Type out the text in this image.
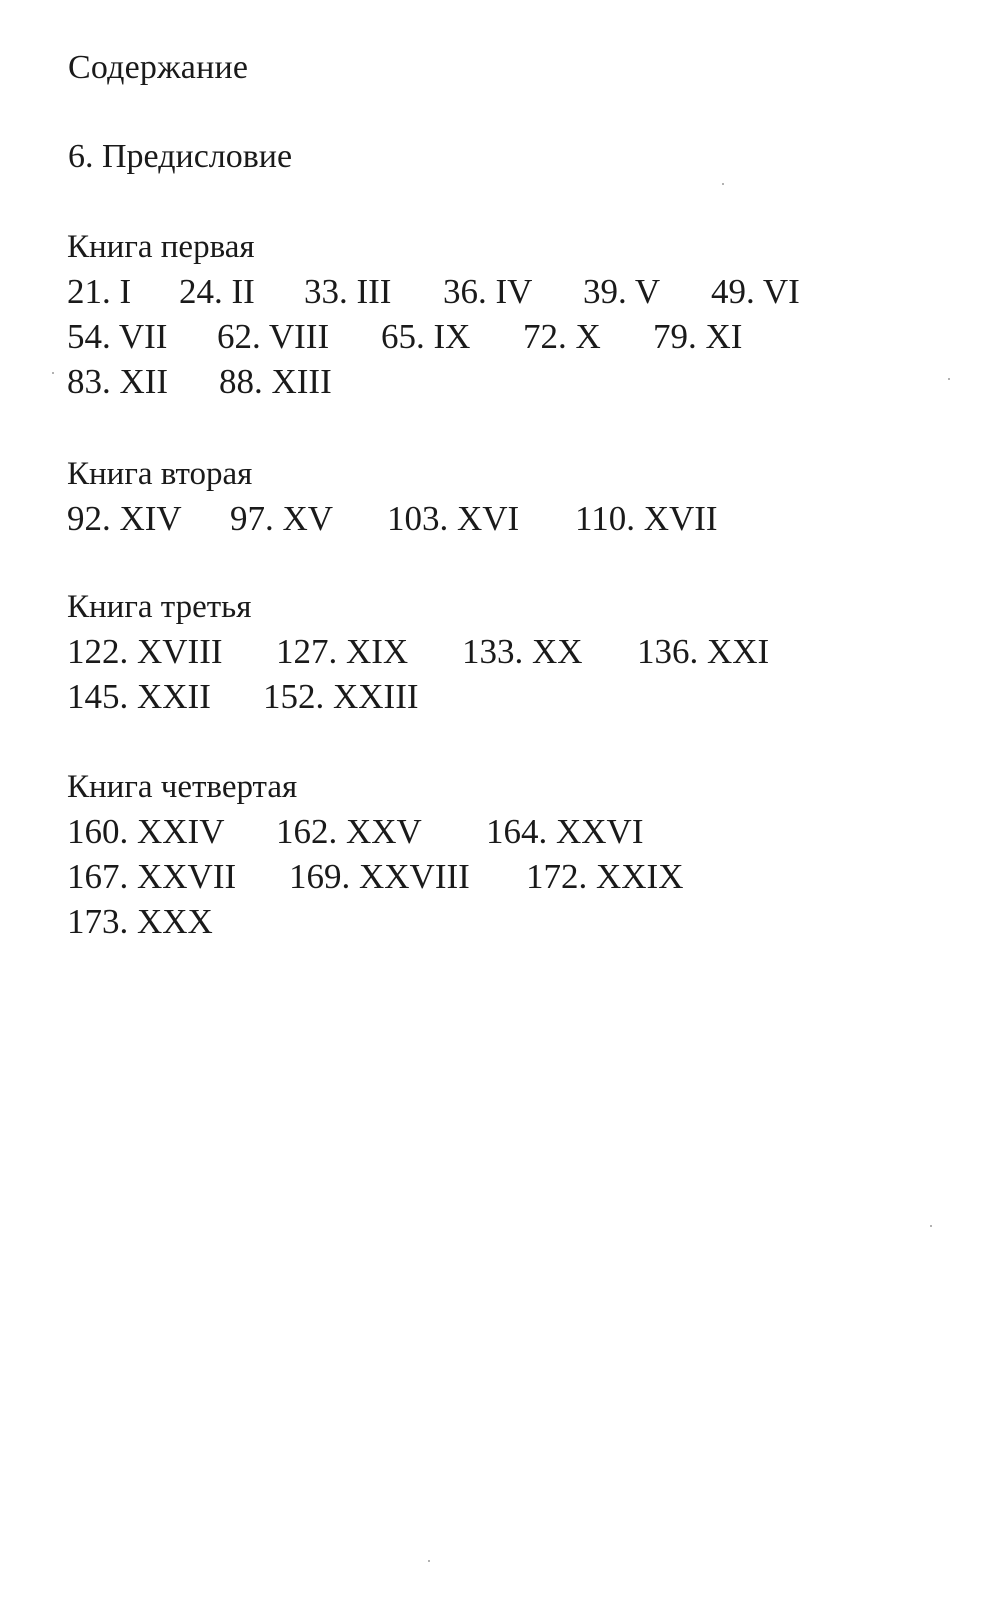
Содержание
6. Предисловие
Книга первая
21. I 24. II 33. III 36. IV 39. V 49. VI
54. VII 62. VIII 65. IX 72. X 79. XI
83. XII 88. XIII
Книга вторая
92. XIV 97. XV 103. XVI 110. XVII
Книга третья
122. XVIII 127. XIX 133. XX 136. XXI
145. XXII 152. XXIII
Книга четвертая
160. XXIV 162. XXV 164. XXVI
167. XXVII 169. XXVIII 172. XXIX
173. XXX
